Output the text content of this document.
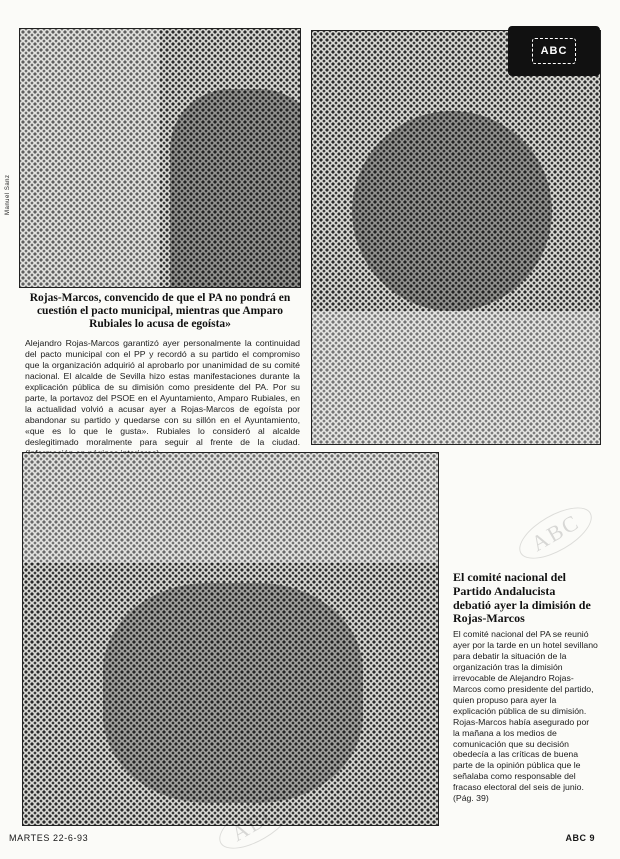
Manuel Sanz
ABC
Rojas-Marcos, convencido de que el PA no pondrá en cuestión el pacto municipal, mientras que Amparo Rubiales lo acusa de egoísta»
Alejandro Rojas-Marcos garantizó ayer personalmente la continuidad del pacto municipal con el PP y recordó a su partido el compromiso que la organización adquirió al aprobarlo por unanimidad de su comité nacional. El alcalde de Sevilla hizo estas manifestaciones durante la explicación pública de su dimisión como presidente del PA. Por su parte, la portavoz del PSOE en el Ayuntamiento, Amparo Rubiales, en la actualidad volvió a acusar ayer a Rojas-Marcos de egoísta por abandonar su partido y quedarse con su sillón en el Ayuntamiento, «que es lo que le gusta». Rubiales lo consideró al alcalde deslegitimado moralmente para seguir al frente de la ciudad.
El comité nacional del Partido Andalucista debatió ayer la dimisión de Rojas-Marcos
El comité nacional del PA se reunió ayer por la tarde en un hotel sevillano para debatir la situación de la organización tras la dimisión irrevocable de Alejandro Rojas-Marcos como presidente del partido, quien propuso para ayer la explicación pública de su dimisión. Rojas-Marcos había asegurado por la mañana a los medios de comunicación que su decisión obedecía a las críticas de buena parte de la opinión pública que le señalaba como responsable del fracaso electoral del seis de junio. (Pág. 39)
ABC
ABC
MARTES 22-6-93	ABC 9
